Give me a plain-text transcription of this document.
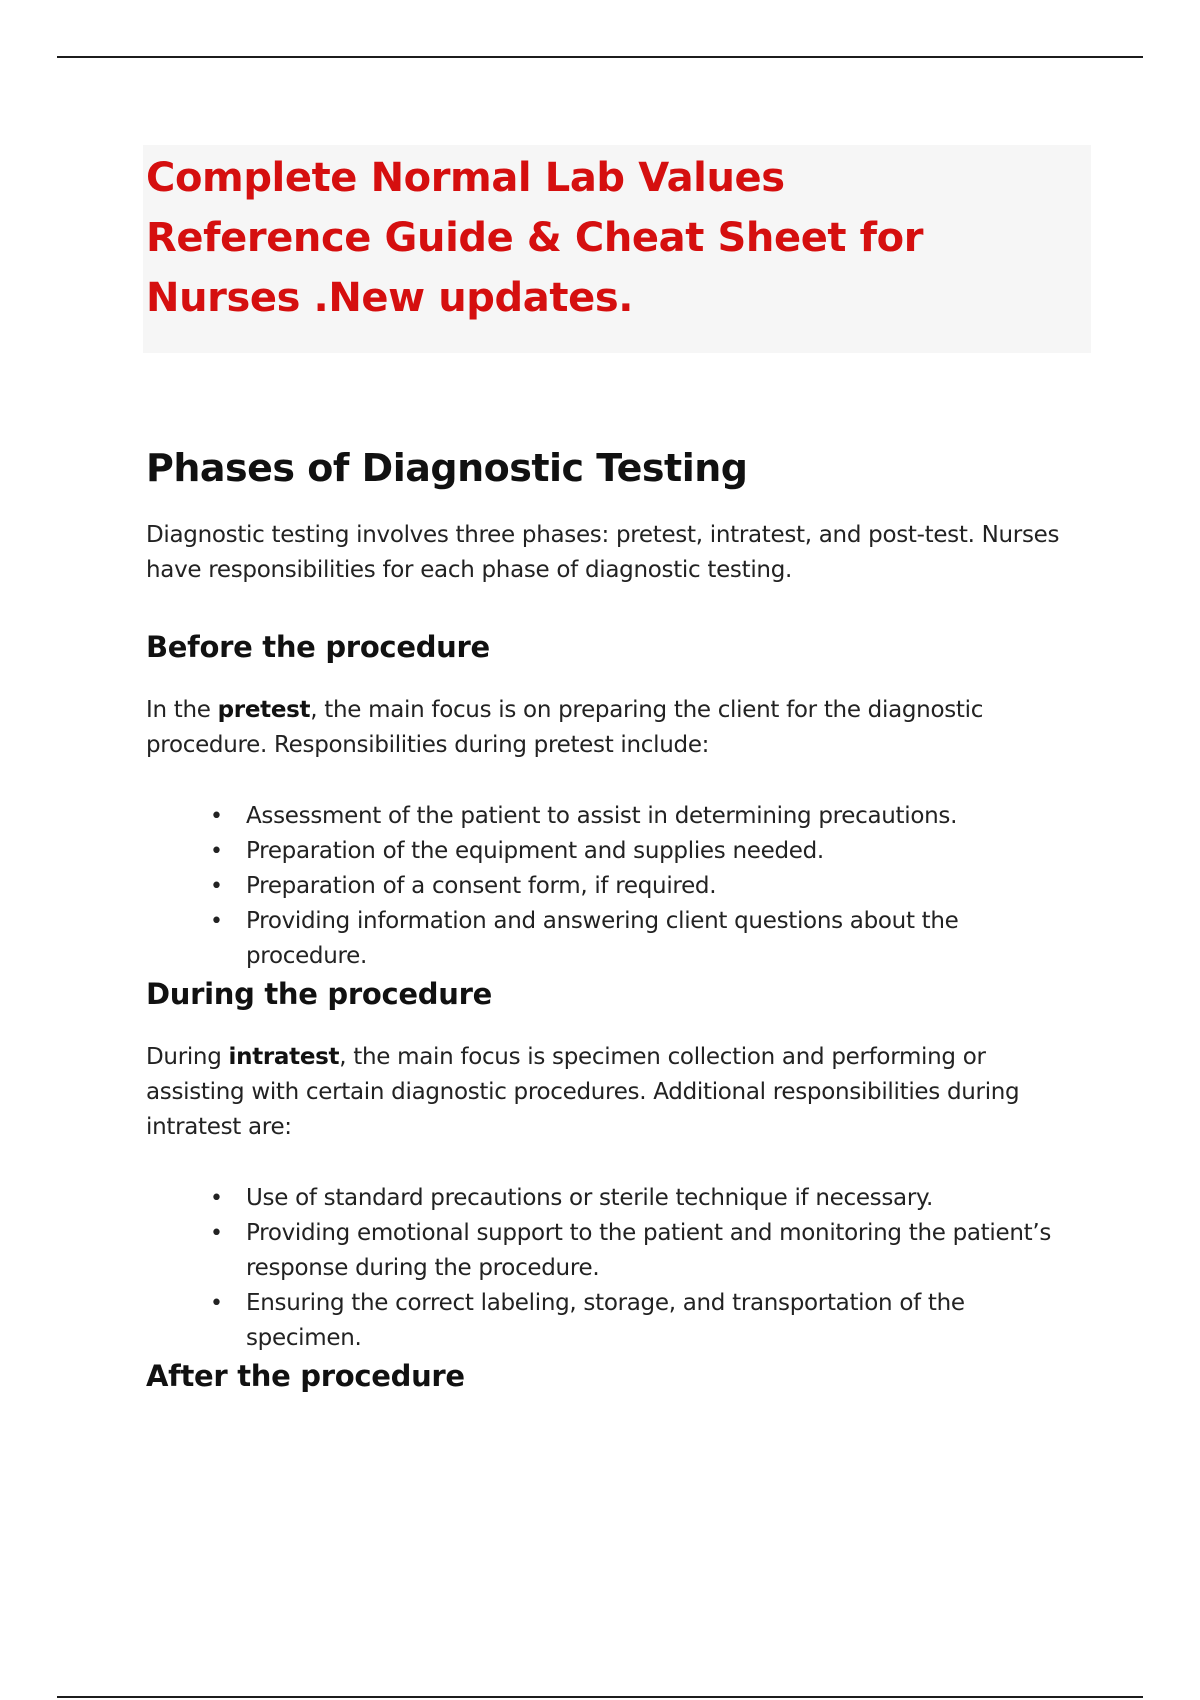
Complete Normal Lab Values Reference Guide & Cheat Sheet for Nurses .New updates.
Phases of Diagnostic Testing

Diagnostic testing involves three phases: pretest, intratest, and post-test. Nurses have responsibilities for each phase of diagnostic testing.

Before the procedure

In the pretest, the main focus is on preparing the client for the diagnostic procedure. Responsibilities during pretest include:

• Assessment of the patient to assist in determining precautions.
• Preparation of the equipment and supplies needed.
• Preparation of a consent form, if required.
• Providing information and answering client questions about the procedure.
During the procedure

During intratest, the main focus is specimen collection and performing or assisting with certain diagnostic procedures. Additional responsibilities during intratest are:

• Use of standard precautions or sterile technique if necessary.
• Providing emotional support to the patient and monitoring the patient’s response during the procedure.
• Ensuring the correct labeling, storage, and transportation of the specimen.
After the procedure
